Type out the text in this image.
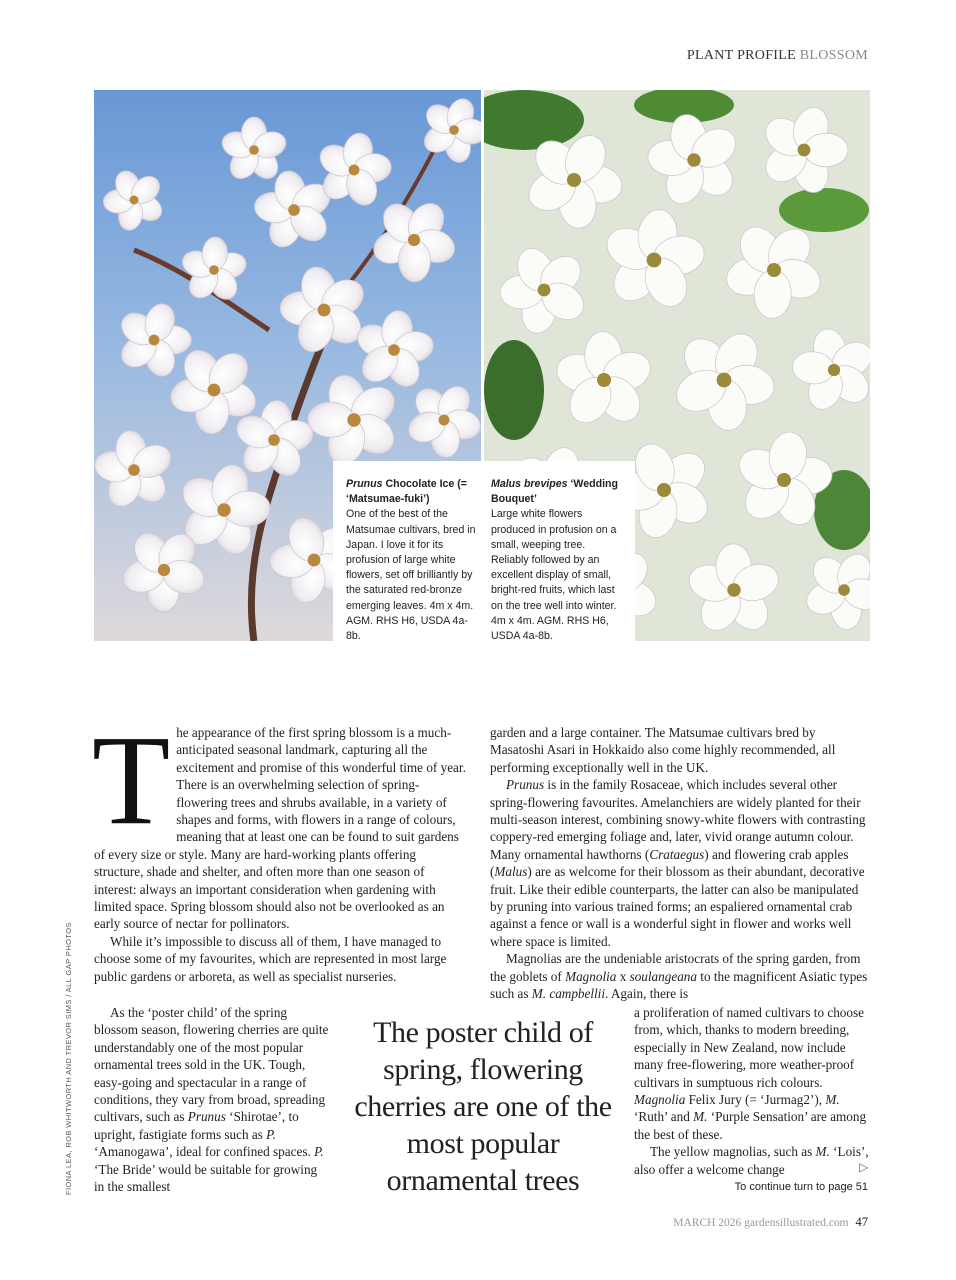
PLANT PROFILE BLOSSOM
Prunus Chocolate Ice (= ‘Matsumae-fuki’)
One of the best of the Matsumae cultivars, bred in Japan. I love it for its profusion of large white flowers, set off brilliantly by the saturated red-bronze emerging leaves. 4m x 4m. AGM. RHS H6, USDA 4a-8b.
Malus brevipes ‘Wedding Bouquet’
Large white flowers produced in profusion on a small, weeping tree. Reliably followed by an excellent display of small, bright-red fruits, which last on the tree well into winter. 4m x 4m. AGM. RHS H6, USDA 4a-8b.
FIONA LEA, ROB WHITWORTH AND TREVOR SIMS / ALL GAP PHOTOS

The appearance of the first spring blossom is a much-anticipated seasonal landmark, capturing all the excitement and promise of this wonderful time of year. There is an overwhelming selection of spring-flowering trees and shrubs available, in a variety of shapes and forms, with flowers in a range of colours, meaning that at least one can be found to suit gardens of every size or style. Many are hard-working plants offering structure, shade and shelter, and often more than one season of interest: always an important consideration when gardening with limited space. Spring blossom should also not be overlooked as an early source of nectar for pollinators.

While it’s impossible to discuss all of them, I have managed to choose some of my favourites, which are represented in most large public gardens or arboreta, as well as specialist nurseries.

As the ‘poster child’ of the spring blossom season, flowering cherries are quite understandably one of the most popular ornamental trees sold in the UK. Tough, easy-going and spectacular in a range of conditions, they vary from broad, spreading cultivars, such as Prunus ‘Shirotae’, to upright, fastigiate forms such as P. ‘Amanogawa’, ideal for confined spaces. P. ‘The Bride’ would be suitable for growing in the smallest

garden and a large container. The Matsumae cultivars bred by Masatoshi Asari in Hokkaido also come highly recommended, all performing exceptionally well in the UK.

Prunus is in the family Rosaceae, which includes several other spring-flowering favourites. Amelanchiers are widely planted for their multi-season interest, combining snowy-white flowers with contrasting coppery-red emerging foliage and, later, vivid orange autumn colour. Many ornamental hawthorns (Crataegus) and flowering crab apples (Malus) are as welcome for their blossom as their abundant, decorative fruit. Like their edible counterparts, the latter can also be manipulated by pruning into various trained forms; an espaliered ornamental crab against a fence or wall is a wonderful sight in flower and works well where space is limited.

Magnolias are the undeniable aristocrats of the spring garden, from the goblets of Magnolia x soulangeana to the magnificent Asiatic types such as M. campbellii. Again, there is

a proliferation of named cultivars to choose from, which, thanks to modern breeding, especially in New Zealand, now include many free-flowering, more weather-proof cultivars in sumptuous rich colours. Magnolia Felix Jury (= ‘Jurmag2’), M. ‘Ruth’ and M. ‘Purple Sensation’ are among the best of these.

The yellow magnolias, such as M. ‘Lois’, also offer a welcome change

The poster child of spring, flowering cherries are one of the most popular ornamental trees	▷
To continue turn to page 51
MARCH 2026 gardensillustrated.com 47
